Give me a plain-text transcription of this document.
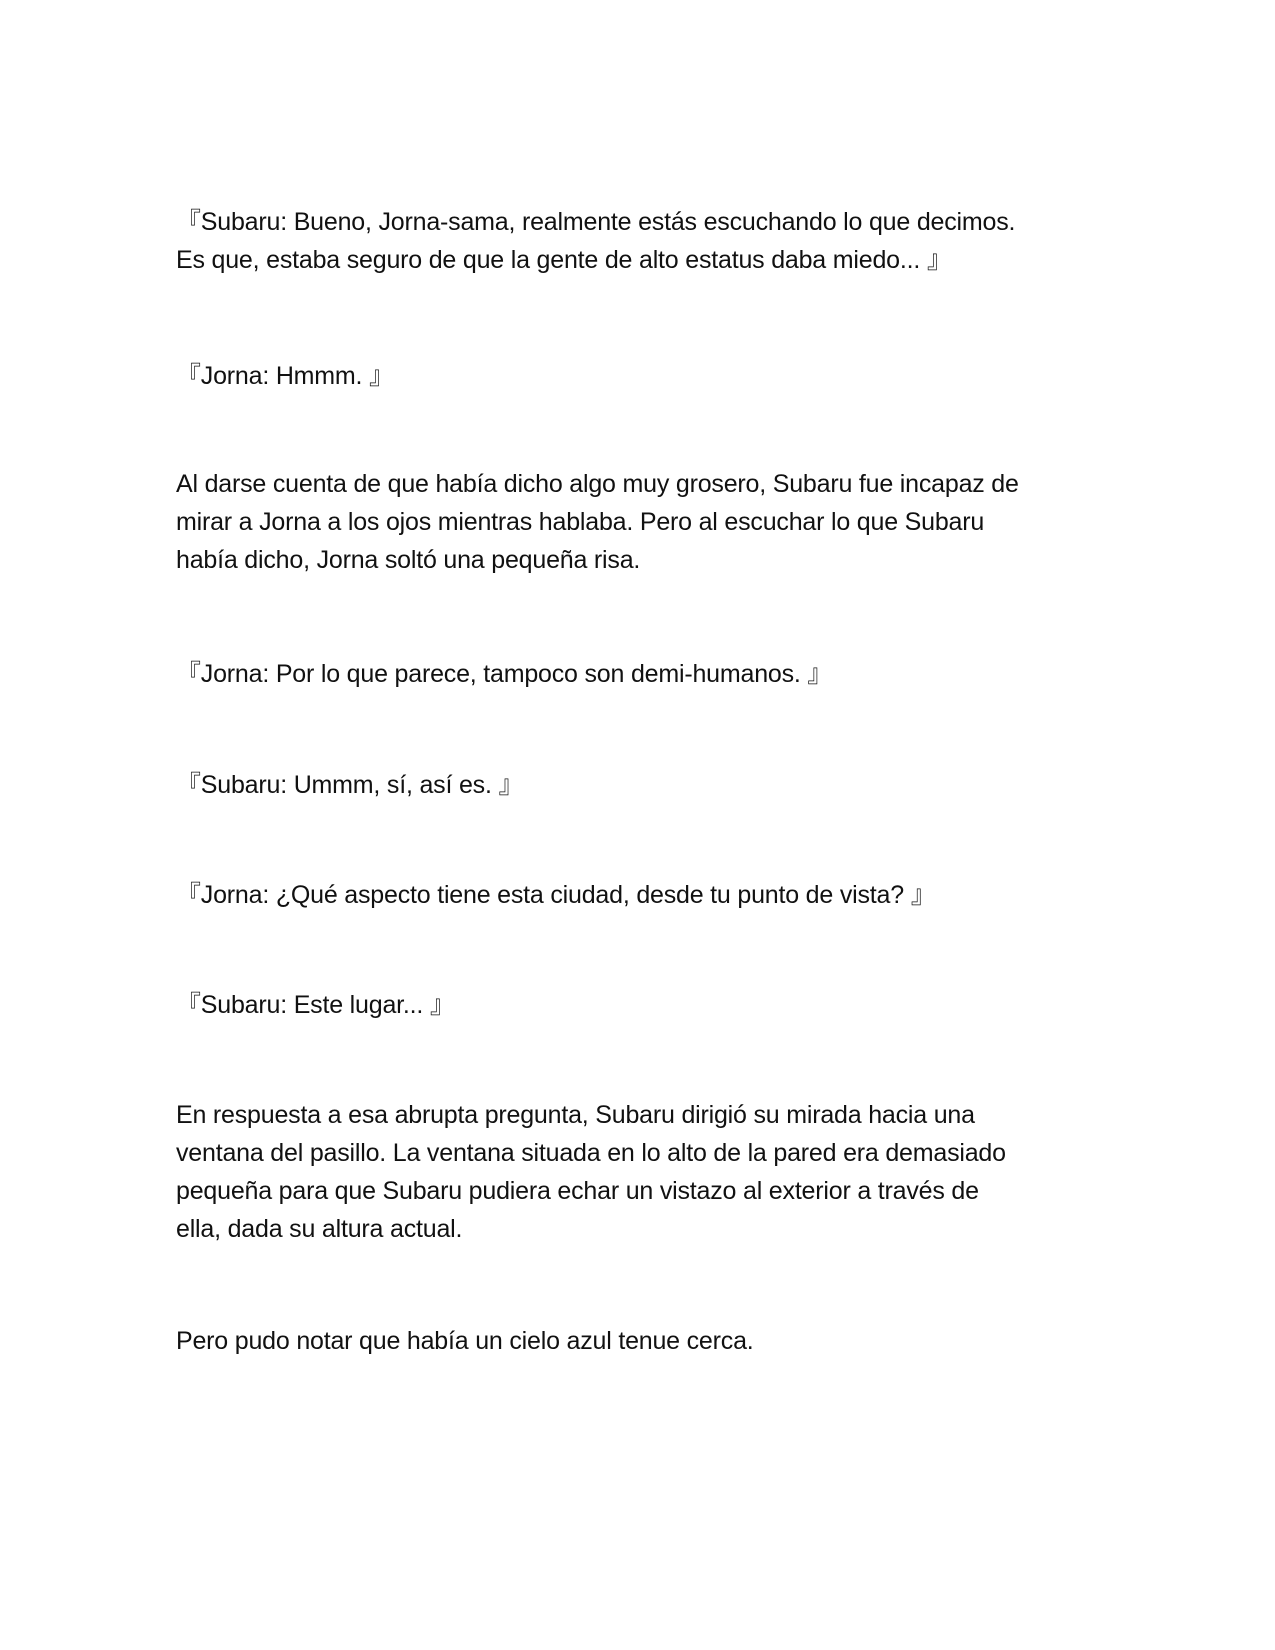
『Subaru: Bueno, Jorna-sama, realmente estás escuchando lo que decimos.
Es que, estaba seguro de que la gente de alto estatus daba miedo... 』
『Jorna: Hmmm. 』
Al darse cuenta de que había dicho algo muy grosero, Subaru fue incapaz de
mirar a Jorna a los ojos mientras hablaba. Pero al escuchar lo que Subaru
había dicho, Jorna soltó una pequeña risa.
『Jorna: Por lo que parece, tampoco son demi-humanos. 』
『Subaru: Ummm, sí, así es. 』
『Jorna: ¿Qué aspecto tiene esta ciudad, desde tu punto de vista? 』
『Subaru: Este lugar... 』
En respuesta a esa abrupta pregunta, Subaru dirigió su mirada hacia una
ventana del pasillo. La ventana situada en lo alto de la pared era demasiado
pequeña para que Subaru pudiera echar un vistazo al exterior a través de
ella, dada su altura actual.
Pero pudo notar que había un cielo azul tenue cerca.
